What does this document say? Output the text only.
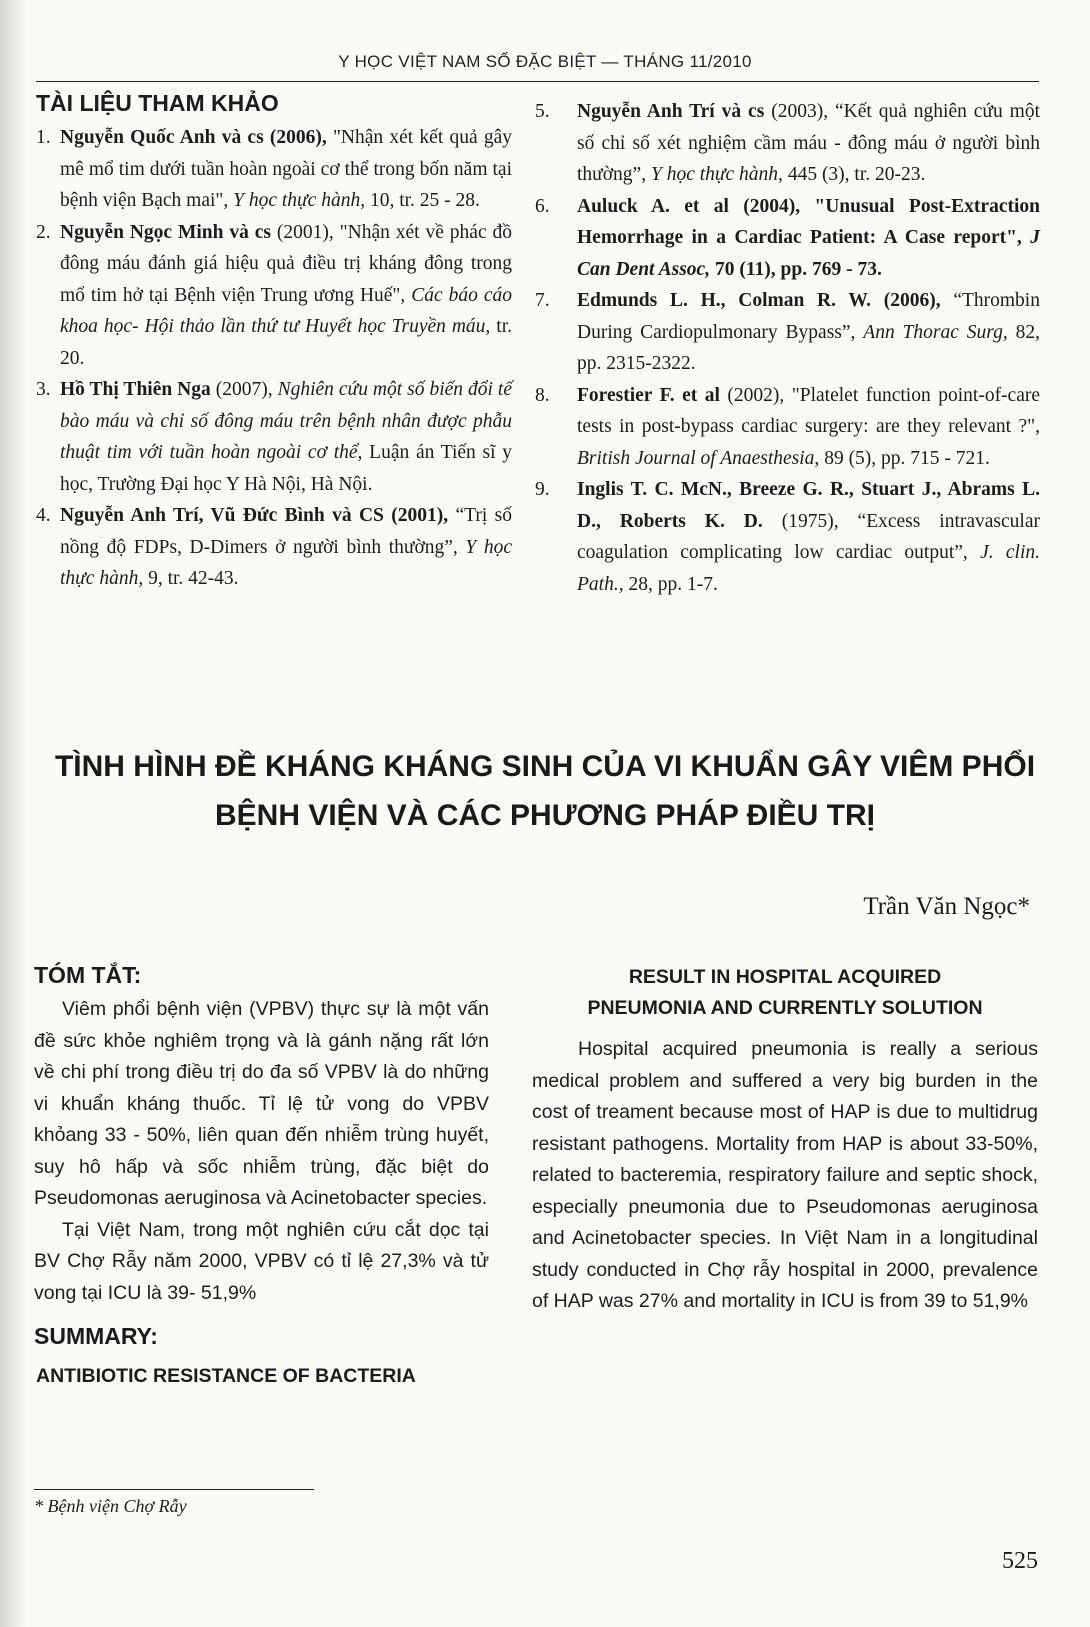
Y HỌC VIỆT NAM SỐ ĐẶC BIỆT — THÁNG 11/2010
TÀI LIỆU THAM KHẢO
1. Nguyễn Quốc Anh và cs (2006), "Nhận xét kết quả gây mê mổ tim dưới tuần hoàn ngoài cơ thể trong bốn năm tại bệnh viện Bạch mai", Y học thực hành, 10, tr. 25 - 28.
2. Nguyễn Ngọc Minh và cs (2001), "Nhận xét về phác đồ đông máu đánh giá hiệu quả điều trị kháng đông trong mổ tim hở tại Bệnh viện Trung ương Huế", Các báo cáo khoa học- Hội thảo lần thứ tư Huyết học Truyền máu, tr. 20.
3. Hồ Thị Thiên Nga (2007), Nghiên cứu một số biến đổi tế bào máu và chỉ số đông máu trên bệnh nhân được phẫu thuật tim với tuần hoàn ngoài cơ thể, Luận án Tiến sĩ y học, Trường Đại học Y Hà Nội, Hà Nội.
4. Nguyễn Anh Trí, Vũ Đức Bình và CS (2001), “Trị số nồng độ FDPs, D-Dimers ở người bình thường”, Y học thực hành, 9, tr. 42-43.
5. Nguyễn Anh Trí và cs (2003), “Kết quả nghiên cứu một số chỉ số xét nghiệm cầm máu - đông máu ở người bình thường”, Y học thực hành, 445 (3), tr. 20-23.
6. Auluck A. et al (2004), "Unusual Post-Extraction Hemorrhage in a Cardiac Patient: A Case report", J Can Dent Assoc, 70 (11), pp. 769 - 73.
7. Edmunds L. H., Colman R. W. (2006), “Thrombin During Cardiopulmonary Bypass”, Ann Thorac Surg, 82, pp. 2315-2322.
8. Forestier F. et al (2002), "Platelet function point-of-care tests in post-bypass cardiac surgery: are they relevant ?", British Journal of Anaesthesia, 89 (5), pp. 715 - 721.
9. Inglis T. C. McN., Breeze G. R., Stuart J., Abrams L. D., Roberts K. D. (1975), “Excess intravascular coagulation complicating low cardiac output”, J. clin. Path., 28, pp. 1-7.
TÌNH HÌNH ĐỀ KHÁNG KHÁNG SINH CỦA VI KHUẨN GÂY VIÊM PHỔI
BỆNH VIỆN VÀ CÁC PHƯƠNG PHÁP ĐIỀU TRỊ
Trần Văn Ngọc*
TÓM TẮT:

Viêm phổi bệnh viện (VPBV) thực sự là một vấn đề sức khỏe nghiêm trọng và là gánh nặng rất lớn về chi phí trong điều trị do đa số VPBV là do những vi khuẩn kháng thuốc. Tỉ lệ tử vong do VPBV khỏang 33 - 50%, liên quan đến nhiễm trùng huyết, suy hô hấp và sốc nhiễm trùng, đặc biệt do Pseudomonas aeruginosa và Acinetobacter species.

Tại Việt Nam, trong một nghiên cứu cắt dọc tại BV Chợ Rẫy năm 2000, VPBV có tỉ lệ 27,3% và tử vong tại ICU là 39- 51,9%

SUMMARY:
ANTIBIOTIC RESISTANCE OF BACTERIA
RESULT IN HOSPITAL ACQUIRED
PNEUMONIA AND CURRENTLY SOLUTION

Hospital acquired pneumonia is really a serious medical problem and suffered a very big burden in the cost of treament because most of HAP is due to multidrug resistant pathogens. Mortality from HAP is about 33-50%, related to bacteremia, respiratory failure and septic shock, especially pneumonia due to Pseudomonas aeruginosa and Acinetobacter species. In Việt Nam in a longitudinal study conducted in Chợ rẫy hospital in 2000, prevalence of HAP was 27% and mortality in ICU is from 39 to 51,9%

* Bệnh viện Chợ Rẫy
525
